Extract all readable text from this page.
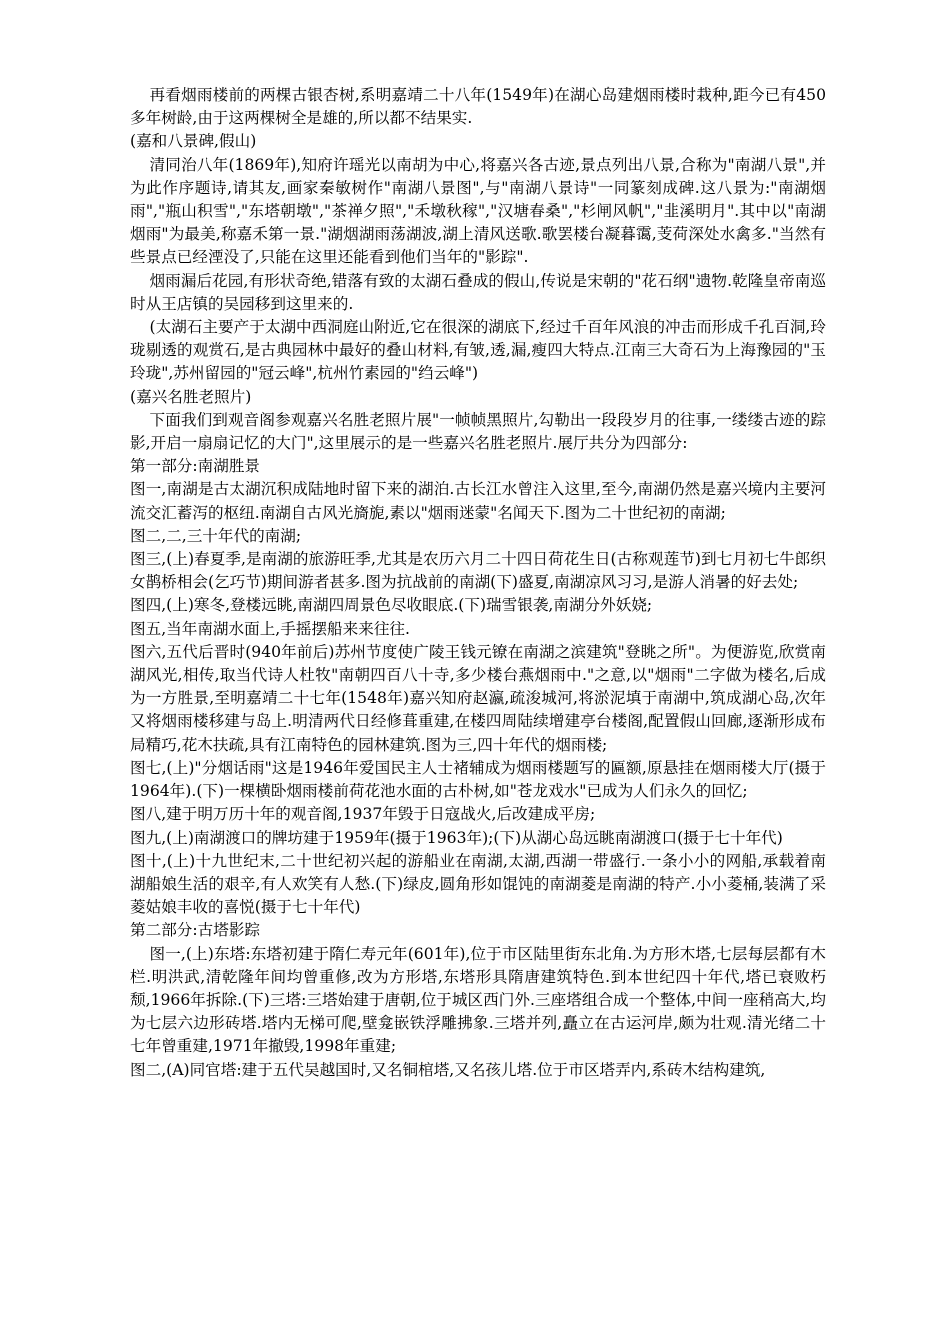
再看烟雨楼前的两棵古银杏树,系明嘉靖二十八年(1549年)在湖心岛建烟雨楼时栽种,距今已有450多年树龄,由于这两棵树全是雄的,所以都不结果实.

(嘉和八景碑,假山)

清同治八年(1869年),知府许瑶光以南胡为中心,将嘉兴各古迹,景点列出八景,合称为"南湖八景",并为此作序题诗,请其友,画家秦敏树作"南湖八景图",与"南湖八景诗"一同篆刻成碑.这八景为:"南湖烟雨","瓶山积雪","东塔朝墩","茶禅夕照","禾墩秋稼","汉塘春桑","杉闸风帆","韭溪明月".其中以"南湖烟雨"为最美,称嘉禾第一景."湖烟湖雨荡湖波,湖上清风送歌.歌罢楼台凝暮霭,芰荷深处水禽多."当然有些景点已经湮没了,只能在这里还能看到他们当年的"影踪".

烟雨漏后花园,有形状奇绝,错落有致的太湖石叠成的假山,传说是宋朝的"花石纲"遗物.乾隆皇帝南巡时从王店镇的吴园移到这里来的.

(太湖石主要产于太湖中西洞庭山附近,它在很深的湖底下,经过千百年风浪的冲击而形成千孔百洞,玲珑剔透的观赏石,是古典园林中最好的叠山材料,有皱,透,漏,瘦四大特点.江南三大奇石为上海豫园的"玉玲珑",苏州留园的"冠云峰",杭州竹素园的"绉云峰")

(嘉兴名胜老照片)

下面我们到观音阁参观嘉兴名胜老照片展"一帧帧黑照片,勾勒出一段段岁月的往事,一缕缕古迹的踪影,开启一扇扇记忆的大门",这里展示的是一些嘉兴名胜老照片.展厅共分为四部分:

第一部分:南湖胜景

图一,南湖是古太湖沉积成陆地时留下来的湖泊.古长江水曾注入这里,至今,南湖仍然是嘉兴境内主要河流交汇蓄泻的枢纽.南湖自古风光旖旎,素以"烟雨迷蒙"名闻天下.图为二十世纪初的南湖;

图二,二,三十年代的南湖;

图三,(上)春夏季,是南湖的旅游旺季,尤其是农历六月二十四日荷花生日(古称观莲节)到七月初七牛郎织女鹊桥相会(乞巧节)期间游者甚多.图为抗战前的南湖(下)盛夏,南湖凉风习习,是游人消暑的好去处;

图四,(上)寒冬,登楼远眺,南湖四周景色尽收眼底.(下)瑞雪银袭,南湖分外妖娆;

图五,当年南湖水面上,手摇摆船来来往往.

图六,五代后晋时(940年前后)苏州节度使广陵王钱元镣在南湖之滨建筑"登眺之所"。为便游览,欣赏南湖风光,相传,取当代诗人杜牧"南朝四百八十寺,多少楼台燕烟雨中."之意,以"烟雨"二字做为楼名,后成为一方胜景,至明嘉靖二十七年(1548年)嘉兴知府赵瀛,疏浚城河,将淤泥填于南湖中,筑成湖心岛,次年又将烟雨楼移建与岛上.明清两代日经修葺重建,在楼四周陆续增建亭台楼阁,配置假山回廊,逐渐形成布局精巧,花木扶疏,具有江南特色的园林建筑.图为三,四十年代的烟雨楼;

图七,(上)"分烟话雨"这是1946年爱国民主人士褚辅成为烟雨楼题写的匾额,原悬挂在烟雨楼大厅(摄于1964年).(下)一棵横卧烟雨楼前荷花池水面的古朴树,如"苍龙戏水"已成为人们永久的回忆;

图八,建于明万历十年的观音阁,1937年毁于日寇战火,后改建成平房;

图九,(上)南湖渡口的牌坊建于1959年(摄于1963年);(下)从湖心岛远眺南湖渡口(摄于七十年代)

图十,(上)十九世纪末,二十世纪初兴起的游船业在南湖,太湖,西湖一带盛行.一条小小的网船,承载着南湖船娘生活的艰辛,有人欢笑有人愁.(下)绿皮,圆角形如馄饨的南湖菱是南湖的特产.小小菱桶,装满了采菱姑娘丰收的喜悦(摄于七十年代)

第二部分:古塔影踪

图一,(上)东塔:东塔初建于隋仁寿元年(601年),位于市区陆里街东北角.为方形木塔,七层每层都有木栏.明洪武,清乾隆年间均曾重修,改为方形塔,东塔形具隋唐建筑特色.到本世纪四十年代,塔已衰败朽颓,1966年拆除.(下)三塔:三塔始建于唐朝,位于城区西门外.三座塔组合成一个整体,中间一座稍高大,均为七层六边形砖塔.塔内无梯可爬,壁龛嵌铁浮雕拂象.三塔并列,矗立在古运河岸,颇为壮观.清光绪二十七年曾重建,1971年撤毁,1998年重建;

图二,(A)同官塔:建于五代吴越国时,又名铜棺塔,又名孩儿塔.位于市区塔弄内,系砖木结构建筑,
